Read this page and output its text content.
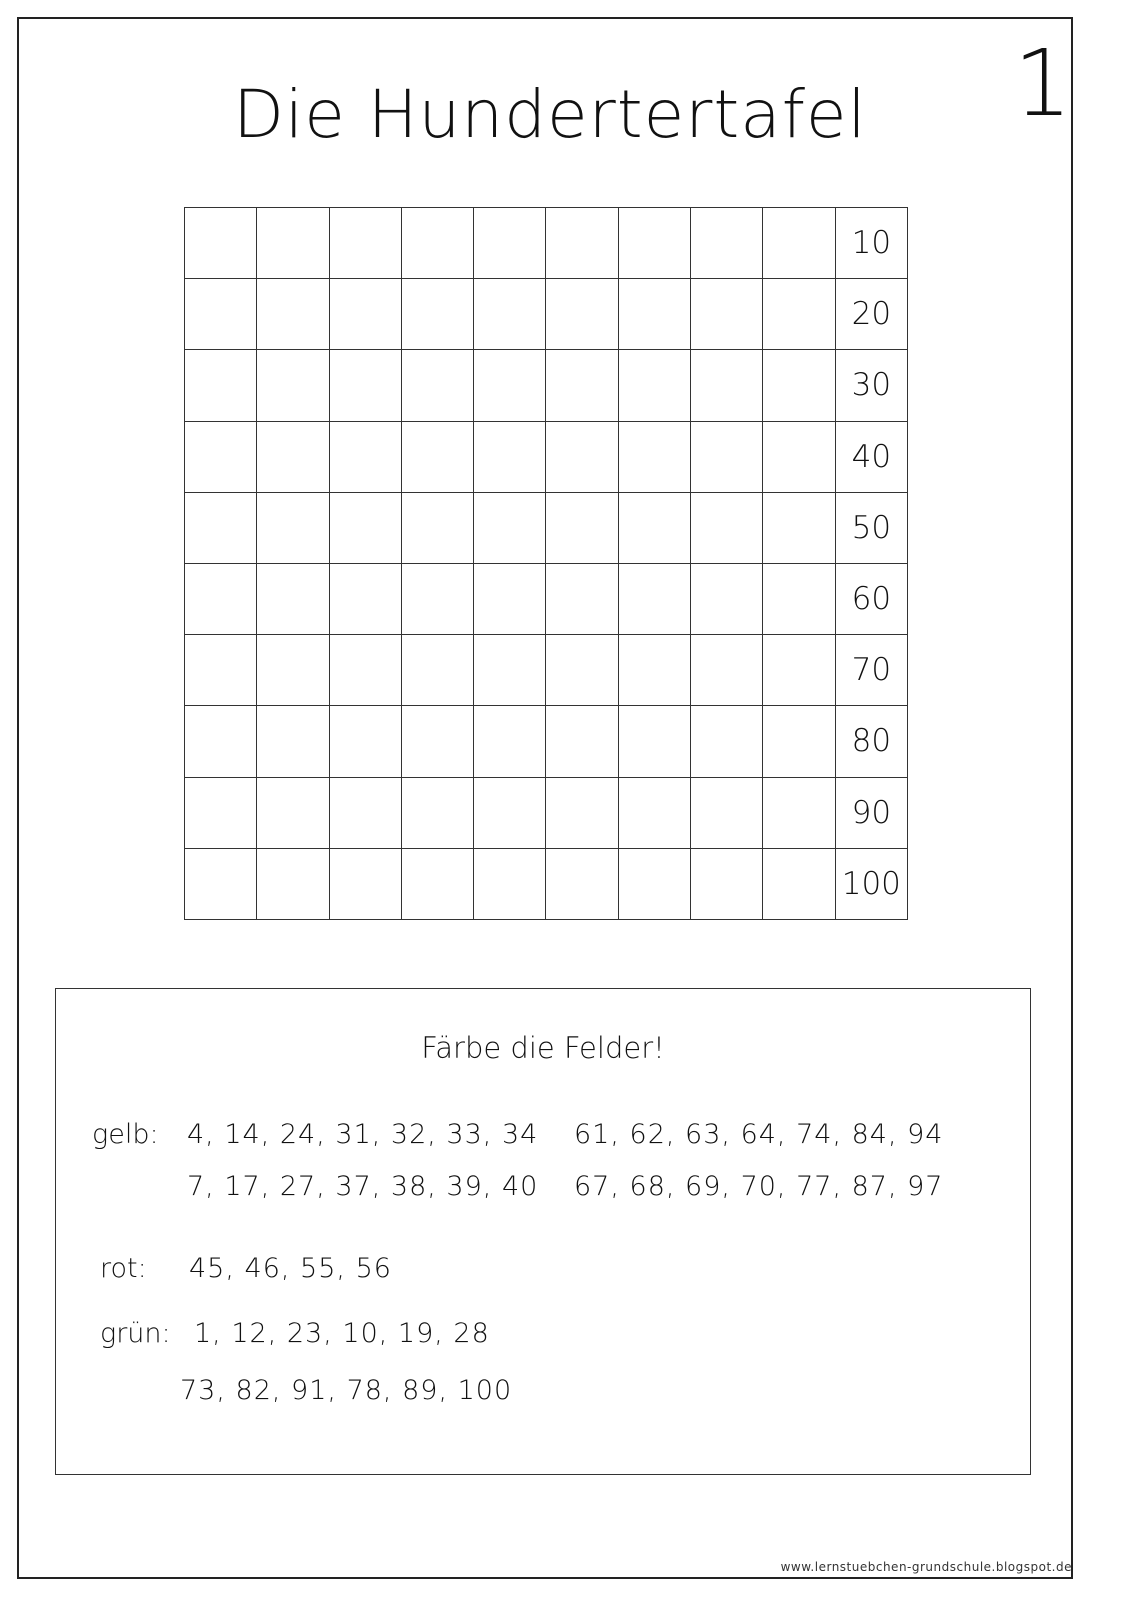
1
Die Hundertertafel
									10
									20
									30
									40
									50
									60
									70
									80
									90
									100
Färbe die Felder!
gelb: 4, 14, 24, 31, 32, 33, 34 61, 62, 63, 64, 74, 84, 94
7, 17, 27, 37, 38, 39, 40 67, 68, 69, 70, 77, 87, 97
rot: 45, 46, 55, 56
grün: 1, 12, 23, 10, 19, 28
73, 82, 91, 78, 89, 100
www.lernstuebchen-grundschule.blogspot.de
